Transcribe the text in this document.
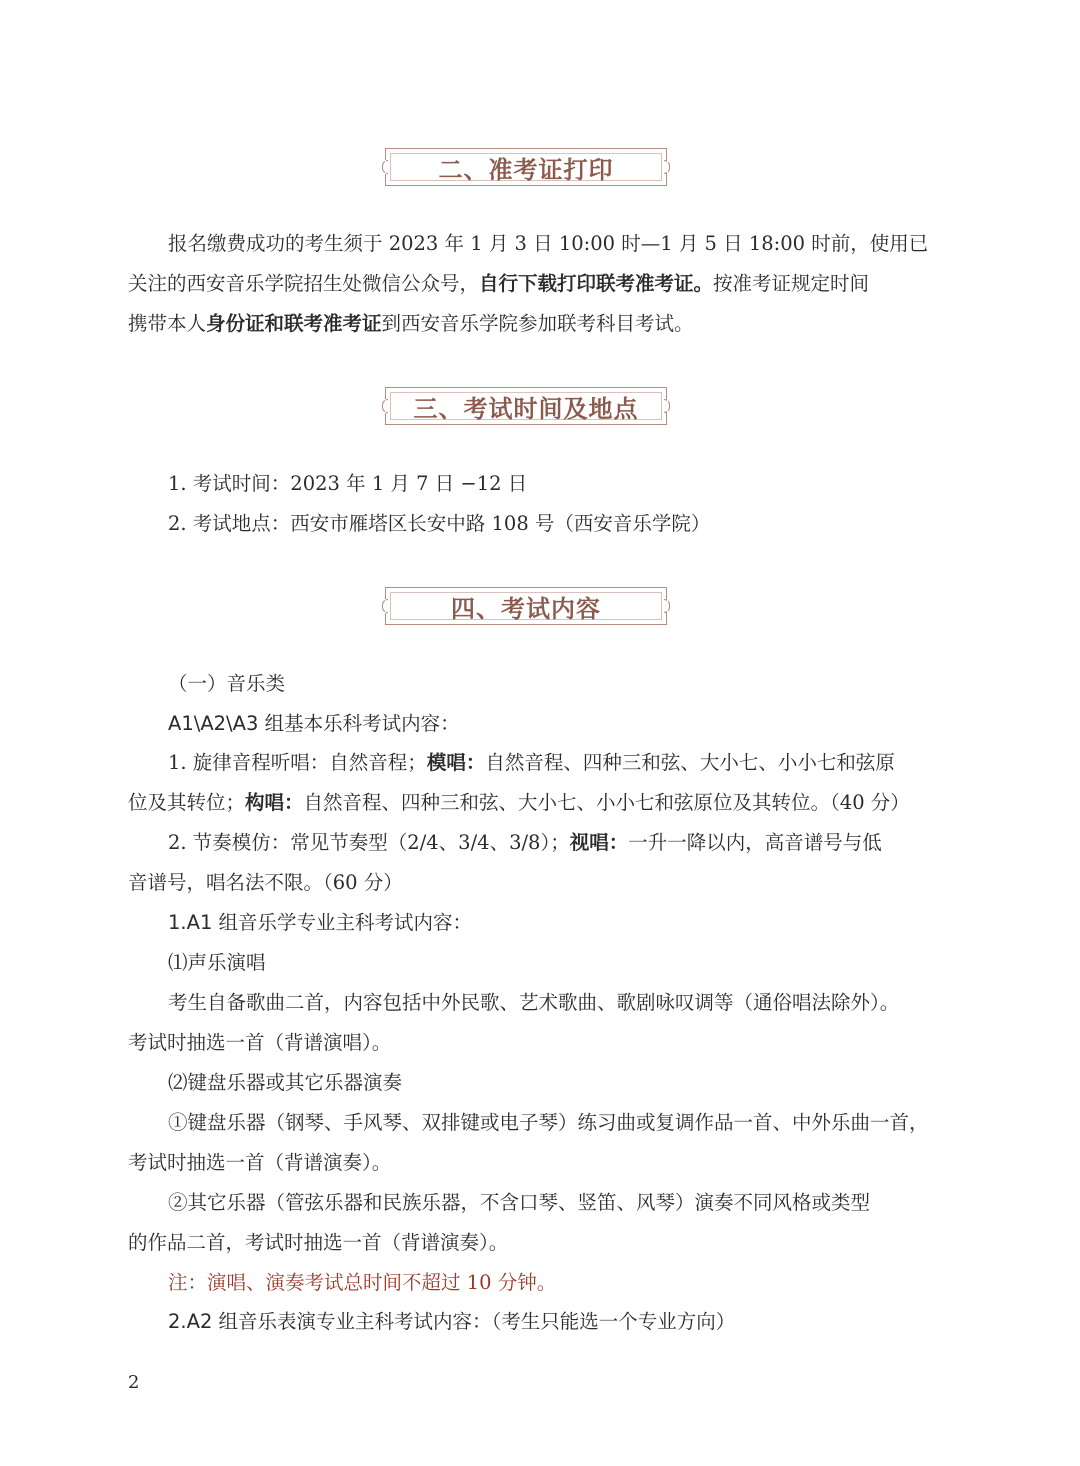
二、准考证打印
报名缴费成功的考生须于 2023 年 1 月 3 日 10:00 时—1 月 5 日 18:00 时前，使用已
关注的西安音乐学院招生处微信公众号，自行下载打印联考准考证。按准考证规定时间
携带本人身份证和联考准考证到西安音乐学院参加联考科目考试。
三、考试时间及地点
1. 考试时间：2023 年 1 月 7 日 −12 日
2. 考试地点：西安市雁塔区长安中路 108 号（西安音乐学院）
四、考试内容
（一）音乐类
A1\A2\A3 组基本乐科考试内容：
1. 旋律音程听唱：自然音程；模唱：自然音程、四种三和弦、大小七、小小七和弦原
位及其转位；构唱：自然音程、四种三和弦、大小七、小小七和弦原位及其转位。（40 分）
2. 节奏模仿：常见节奏型（2/4、3/4、3/8）；视唱：一升一降以内，高音谱号与低
音谱号，唱名法不限。（60 分）
1.A1 组音乐学专业主科考试内容：
⑴声乐演唱
考生自备歌曲二首，内容包括中外民歌、艺术歌曲、歌剧咏叹调等（通俗唱法除外）。
考试时抽选一首（背谱演唱）。
⑵键盘乐器或其它乐器演奏
①键盘乐器（钢琴、手风琴、双排键或电子琴）练习曲或复调作品一首、中外乐曲一首，
考试时抽选一首（背谱演奏）。
②其它乐器（管弦乐器和民族乐器，不含口琴、竖笛、风琴）演奏不同风格或类型
的作品二首，考试时抽选一首（背谱演奏）。
注：演唱、演奏考试总时间不超过 10 分钟。
2.A2 组音乐表演专业主科考试内容：（考生只能选一个专业方向）
2
